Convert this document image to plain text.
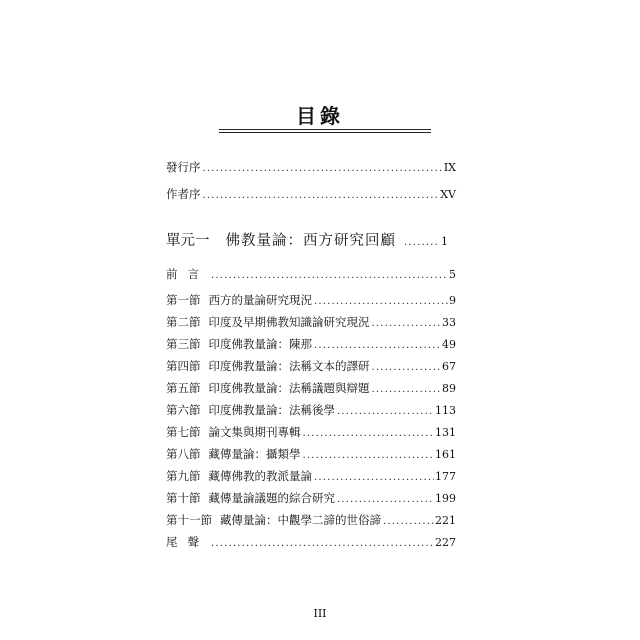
目錄
發行序 .....	IX
作者序 .....	XV
單元一 佛教量論：西方研究回顧 .....	1
前言 .....	5
第一節 西方的量論研究現況 .....	9
第二節 印度及早期佛教知識論研究現況 .....	33
第三節 印度佛教量論：陳那 .....	49
第四節 印度佛教量論：法稱文本的譯研 .....	67
第五節 印度佛教量論：法稱議題與辯題 .....	89
第六節 印度佛教量論：法稱後學 .....	113
第七節 論文集與期刊專輯 .....	131
第八節 藏傳量論：攝類學 .....	161
第九節 藏傳佛教的教派量論 .....	177
第十節 藏傳量論議題的綜合研究 .....	199
第十一節 藏傳量論：中觀學二諦的世俗諦 .....	221
尾聲 .....	227
III
